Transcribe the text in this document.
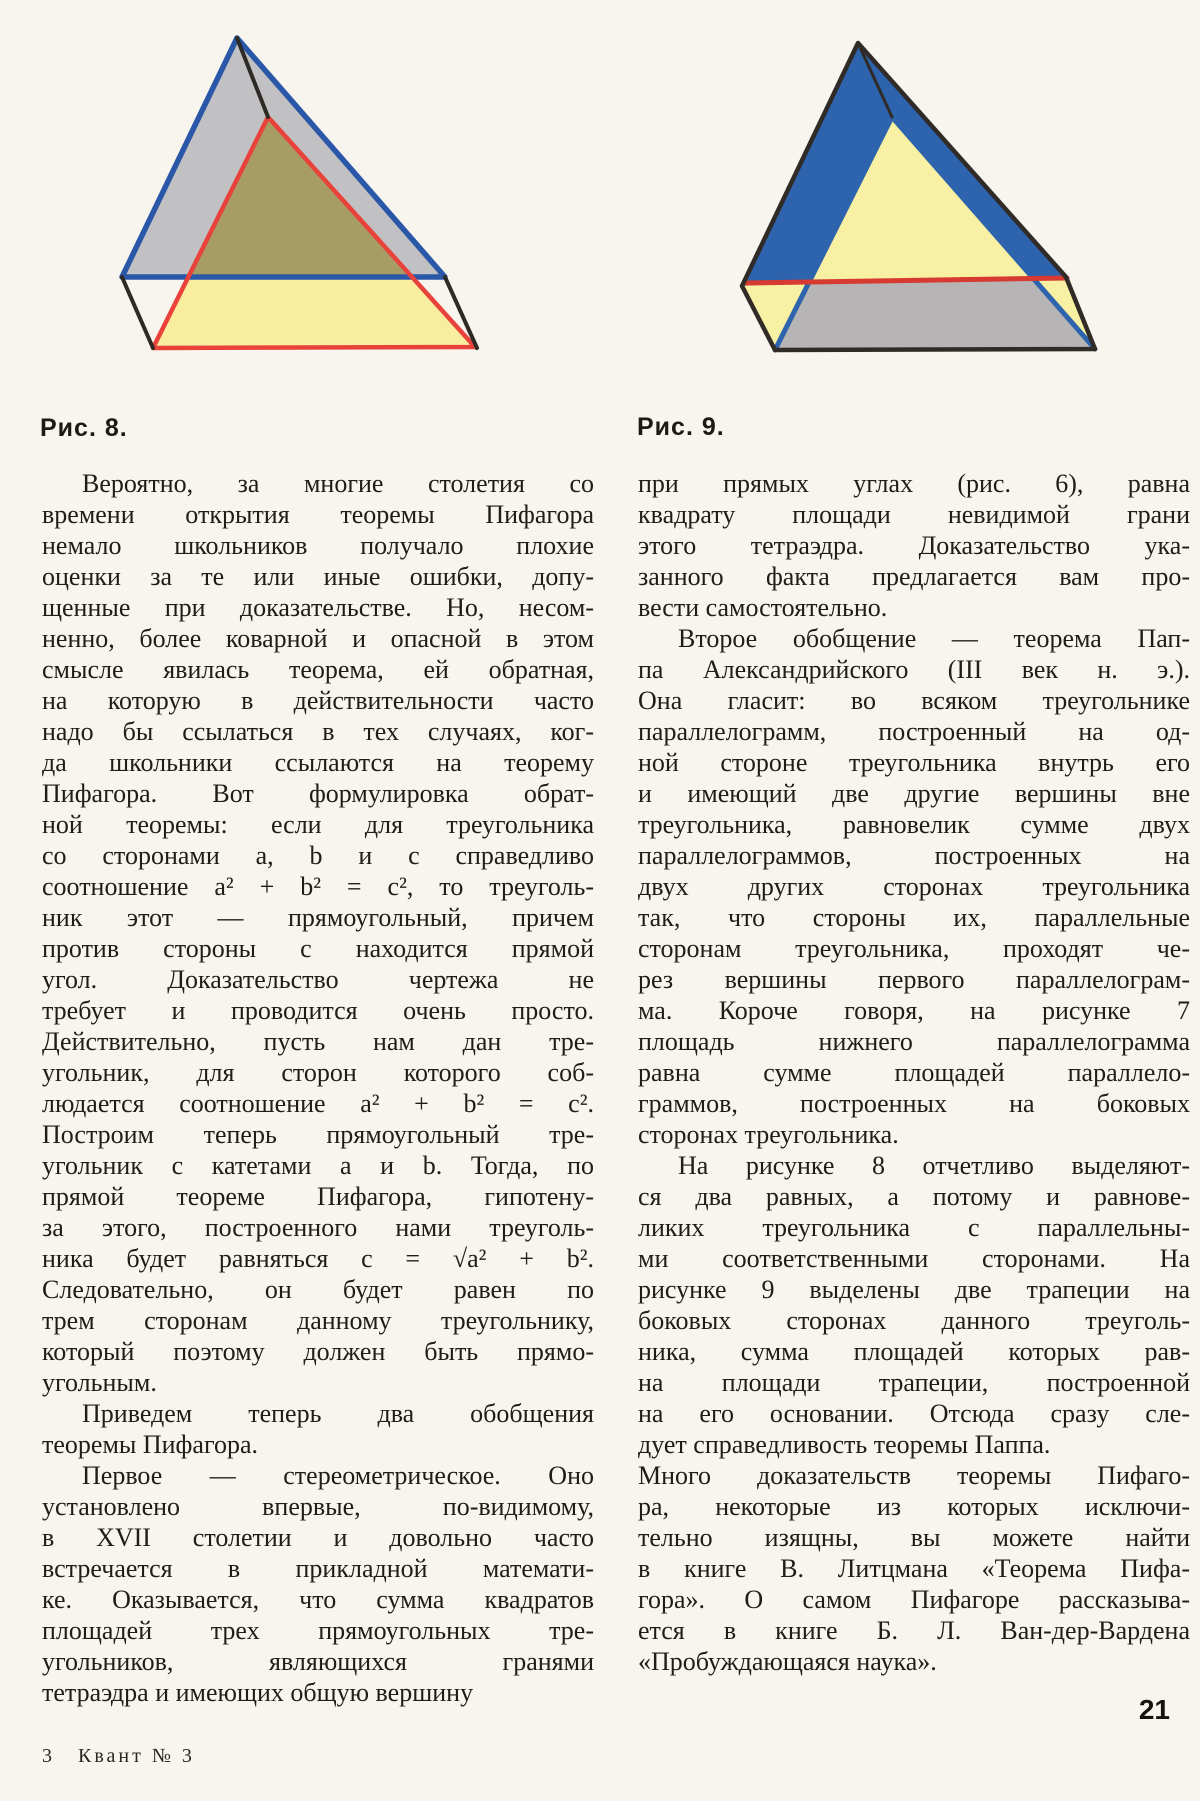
Рис. 8.	Рис. 9.
Вероятно, за многие столетия со
времени открытия теоремы Пифагора
немало школьников получало плохие
оценки за те или иные ошибки, допу-
щенные при доказательстве. Но, несом-
ненно, более коварной и опасной в этом
смысле явилась теорема, ей обратная,
на которую в действительности часто
надо бы ссылаться в тех случаях, ког-
да школьники ссылаются на теорему
Пифагора. Вот формулировка обрат-
ной теоремы: если для треугольника
со сторонами a, b и c справедливо
соотношение a² + b² = c², то треуголь-
ник этот — прямоугольный, причем
против стороны c находится прямой
угол. Доказательство чертежа не
требует и проводится очень просто.
Действительно, пусть нам дан тре-
угольник, для сторон которого соб-
людается соотношение a² + b² = c².
Построим теперь прямоугольный тре-
угольник с катетами a и b. Тогда, по
прямой теореме Пифагора, гипотену-
за этого, построенного нами треуголь-
ника будет равняться c = √a² + b².
Следовательно, он будет равен по
трем сторонам данному треугольнику,
который поэтому должен быть прямо-
угольным.
Приведем теперь два обобщения
теоремы Пифагора.
Первое — стереометрическое. Оно
установлено впервые, по-видимому,
в XVII столетии и довольно часто
встречается в прикладной математи-
ке. Оказывается, что сумма квадратов
площадей трех прямоугольных тре-
угольников, являющихся гранями
тетраэдра и имеющих общую вершину
при прямых углах (рис. 6), равна
квадрату площади невидимой грани
этого тетраэдра. Доказательство ука-
занного факта предлагается вам про-
вести самостоятельно.
Второе обобщение — теорема Пап-
па Александрийского (III век н. э.).
Она гласит: во всяком треугольнике
параллелограмм, построенный на од-
ной стороне треугольника внутрь его
и имеющий две другие вершины вне
треугольника, равновелик сумме двух
параллелограммов, построенных на
двух других сторонах треугольника
так, что стороны их, параллельные
сторонам треугольника, проходят че-
рез вершины первого параллелограм-
ма. Короче говоря, на рисунке 7
площадь нижнего параллелограмма
равна сумме площадей параллело-
граммов, построенных на боковых
сторонах треугольника.
На рисунке 8 отчетливо выделяют-
ся два равных, а потому и равнове-
ликих треугольника с параллельны-
ми соответственными сторонами. На
рисунке 9 выделены две трапеции на
боковых сторонах данного треуголь-
ника, сумма площадей которых рав-
на площади трапеции, построенной
на его основании. Отсюда сразу сле-
дует справедливость теоремы Паппа.
Много доказательств теоремы Пифаго-
ра, некоторые из которых исключи-
тельно изящны, вы можете найти
в книге В. Литцмана «Теорема Пифа-
гора». О самом Пифагоре рассказыва-
ется в книге Б. Л. Ван-дер-Вардена
«Пробуждающаяся наука».
3 Квант № 3
21
